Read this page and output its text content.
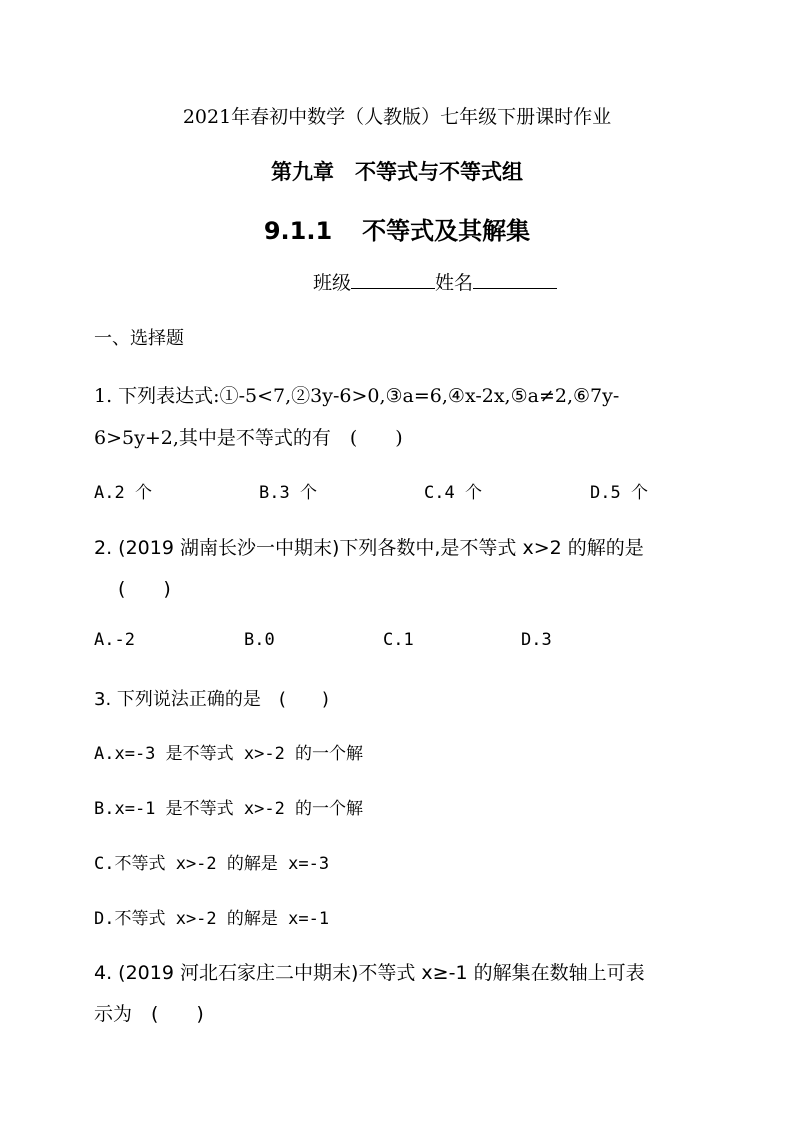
2021年春初中数学（人教版）七年级下册课时作业
第九章　不等式与不等式组
9.1.1 不等式及其解集
班级	姓名
一、选择题
1. 下列表达式:①-5<7,②3y-6>0,③a=6,④x-2x,⑤a≠2,⑥7y-
6>5y+2,其中是不等式的有　(　　)
A.2 个	B.3 个	C.4 个	D.5 个
2. (2019 湖南长沙一中期末)下列各数中,是不等式 x>2 的解的是
(　　)
A.-2	B.0	C.1	D.3
3. 下列说法正确的是　(　　)
A.x=-3 是不等式 x>-2 的一个解
B.x=-1 是不等式 x>-2 的一个解
C.不等式 x>-2 的解是 x=-3
D.不等式 x>-2 的解是 x=-1
4. (2019 河北石家庄二中期末)不等式 x≥-1 的解集在数轴上可表
示为　(　　)
